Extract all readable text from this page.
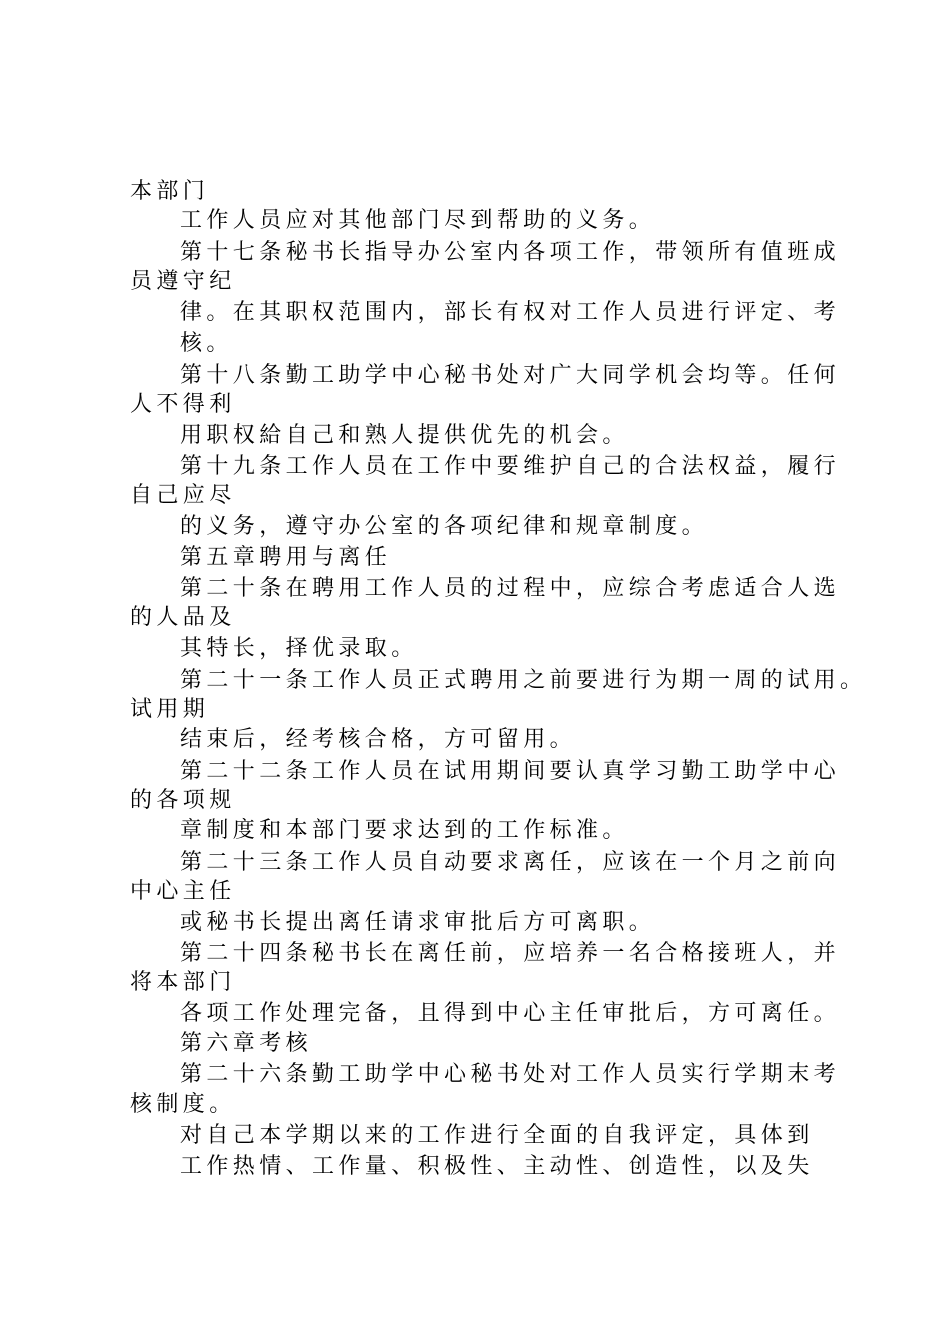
本部门

工作人员应对其他部门尽到帮助的义务。

第十七条秘书长指导办公室内各项工作，带领所有值班成

员遵守纪

律。在其职权范围内，部长有权对工作人员进行评定、考

核。

第十八条勤工助学中心秘书处对广大同学机会均等。任何

人不得利

用职权給自己和熟人提供优先的机会。

第十九条工作人员在工作中要维护自己的合法权益，履行

自己应尽

的义务，遵守办公室的各项纪律和规章制度。

第五章聘用与离任

第二十条在聘用工作人员的过程中，应综合考虑适合人选

的人品及

其特长，择优录取。

第二十一条工作人员正式聘用之前要进行为期一周的试用。

试用期

结束后，经考核合格，方可留用。

第二十二条工作人员在试用期间要认真学习勤工助学中心

的各项规

章制度和本部门要求达到的工作标准。

第二十三条工作人员自动要求离任，应该在一个月之前向

中心主任

或秘书长提出离任请求审批后方可离职。

第二十四条秘书长在离任前，应培养一名合格接班人，并

将本部门

各项工作处理完备，且得到中心主任审批后，方可离任。

第六章考核

第二十六条勤工助学中心秘书处对工作人员实行学期末考

核制度。

对自己本学期以来的工作进行全面的自我评定，具体到

工作热情、工作量、积极性、主动性、创造性，以及失
